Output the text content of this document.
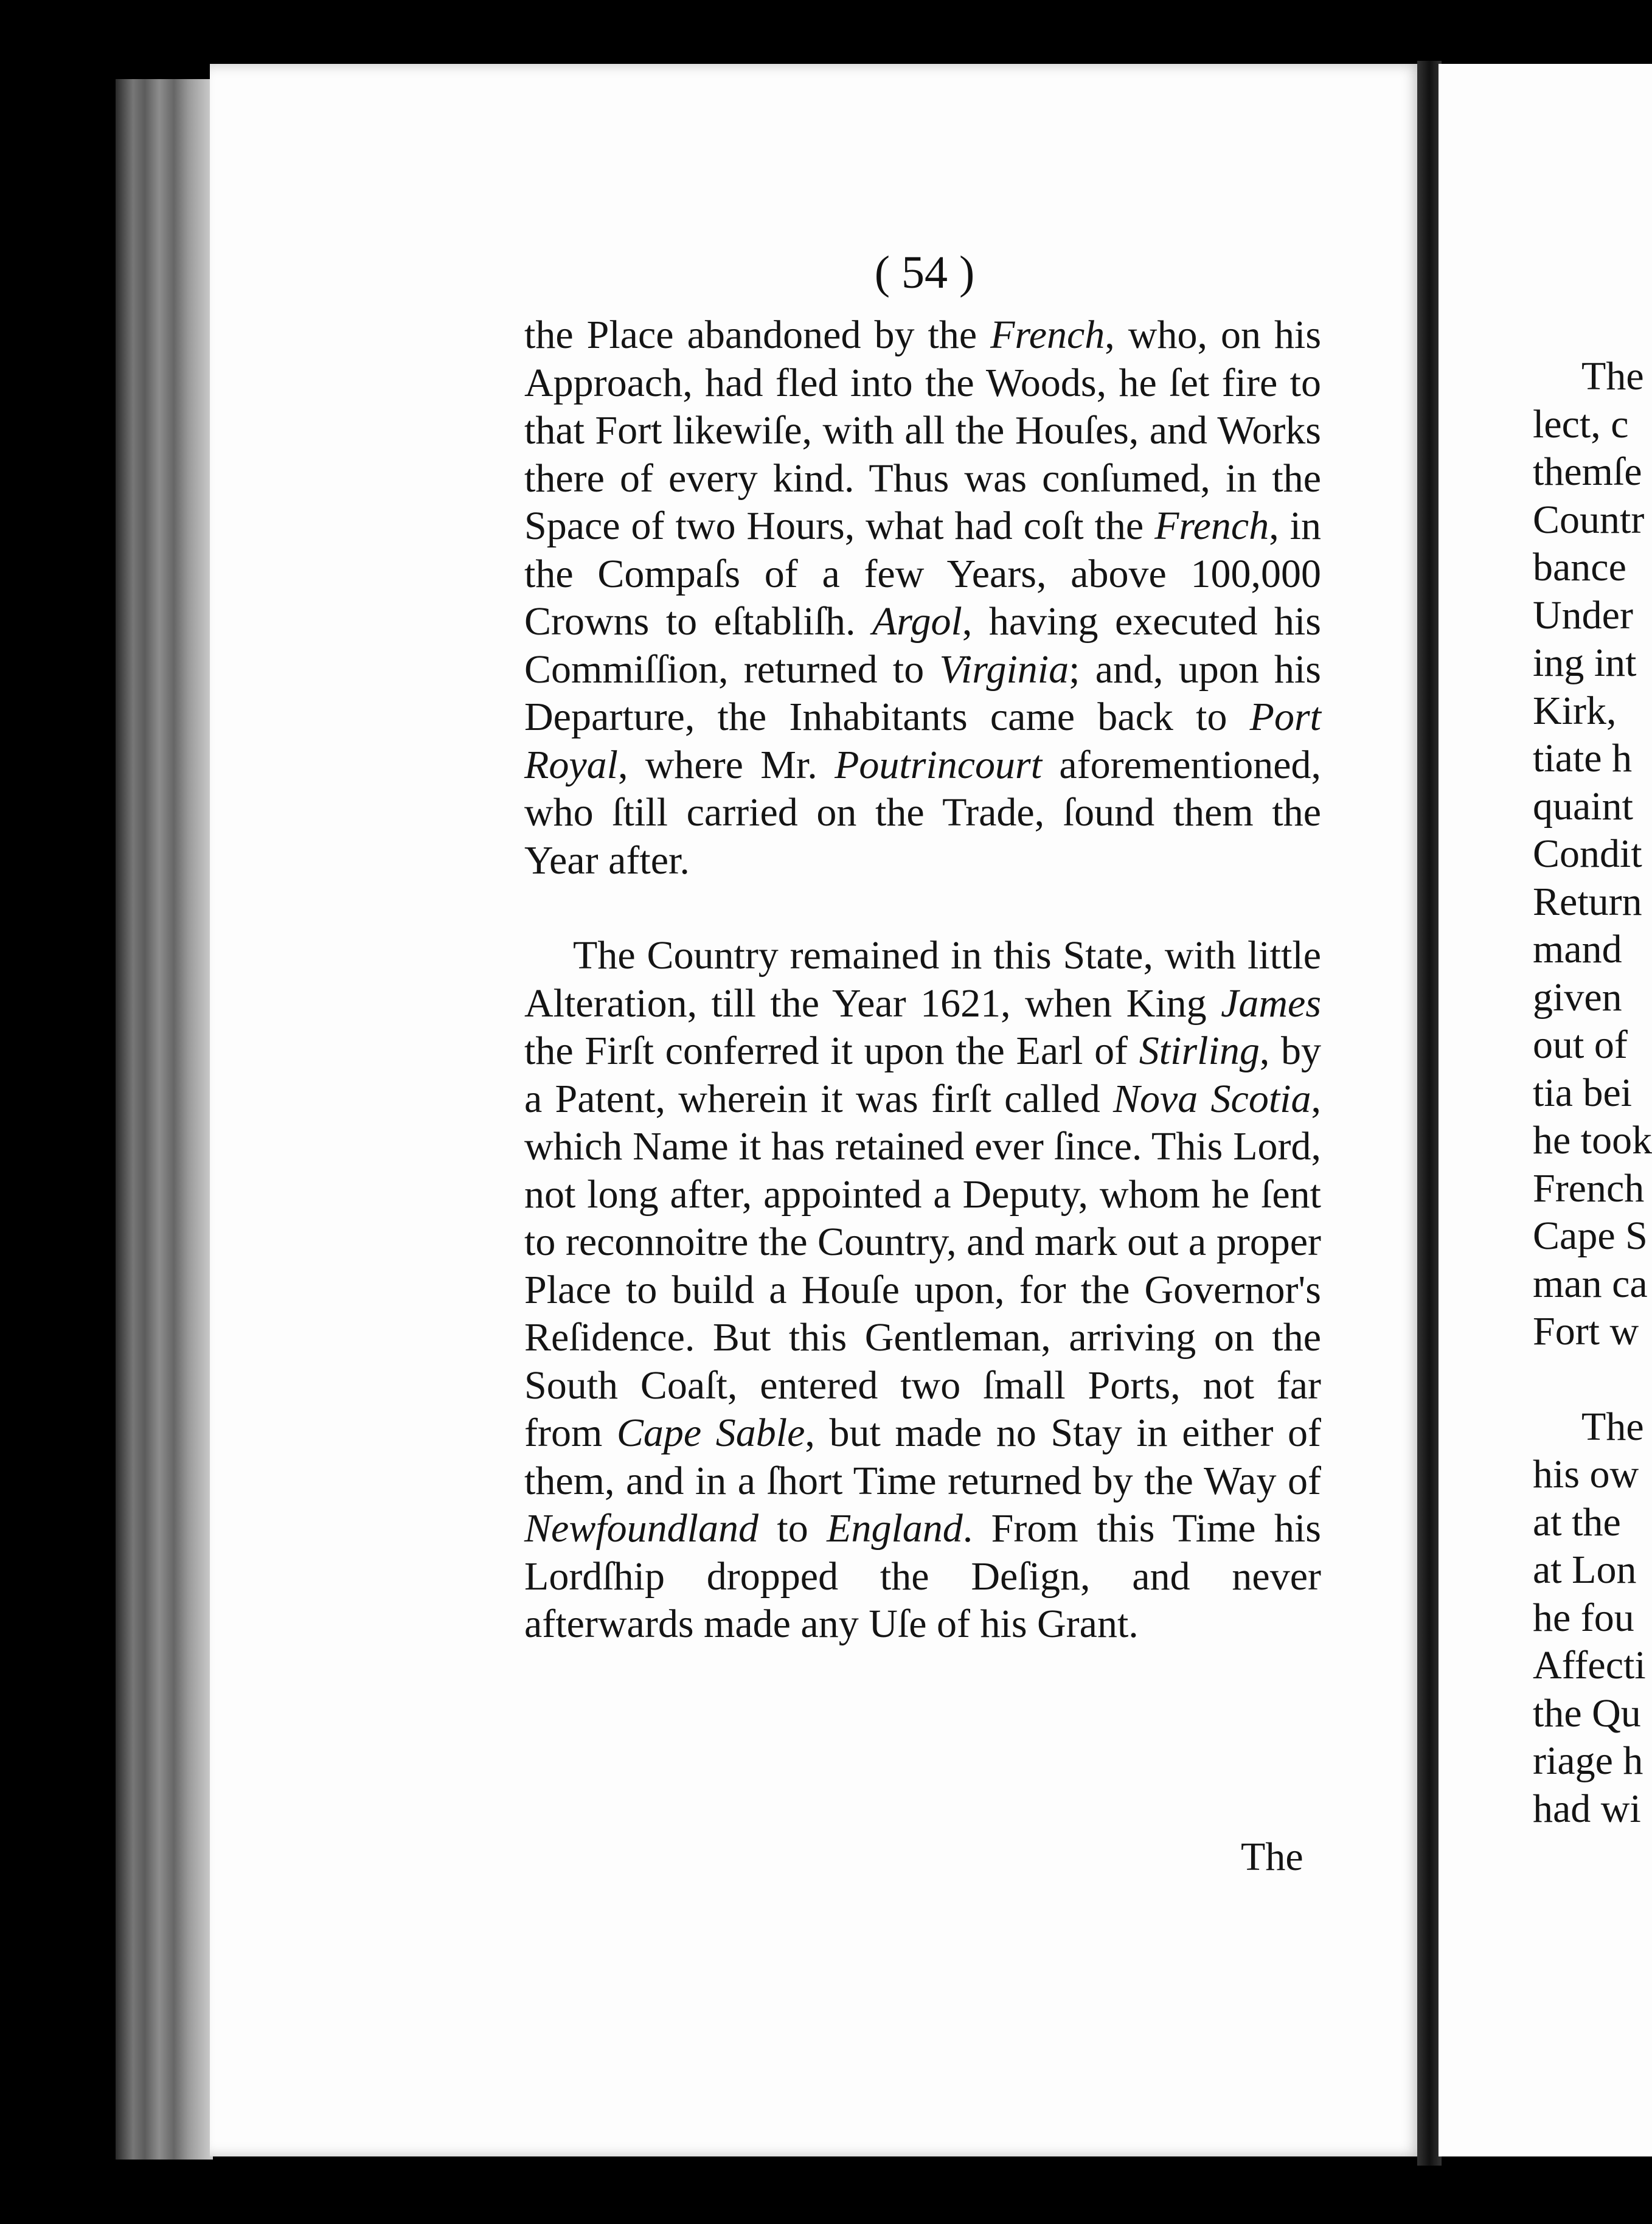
( 54 )

the Place abandoned by the French, who, on his Approach, had fled into the Woods, he ſet fire to that Fort likewiſe, with all the Houſes, and Works there of every kind. Thus was conſumed, in the Space of two Hours, what had coſt the French, in the Compaſs of a few Years, above 100,000 Crowns to eſtabliſh. Argol, having executed his Commiſſion, returned to Virginia; and, upon his Departure, the Inhabitants came back to Port Royal, where Mr. Poutrincourt aforementioned, who ſtill carried on the Trade, ſound them the Year after.

The Country remained in this State, with little Alteration, till the Year 1621, when King James the Firſt conferred it upon the Earl of Stirling, by a Patent, wherein it was firſt called Nova Scotia, which Name it has retained ever ſince. This Lord, not long after, appointed a Deputy, whom he ſent to reconnoitre the Country, and mark out a proper Place to build a Houſe upon, for the Governor's Reſidence. But this Gentleman, arriving on the South Coaſt, entered two ſmall Ports, not far from Cape Sable, but made no Stay in either of them, and in a ſhort Time returned by the Way of Newfoundland to England. From this Time his Lordſhip dropped the Deſign, and never afterwards made any Uſe of his Grant.

The
The
lect, c
themſe
Countr
bance
Under
ing int
Kirk,
tiate h
quaint
Condit
Return
mand
given
out of
tia bei
he took
French
Cape S
man ca
Fort w
The
his ow
at the
at Lon
he fou
Affecti
the Qu
riage h
had wi
